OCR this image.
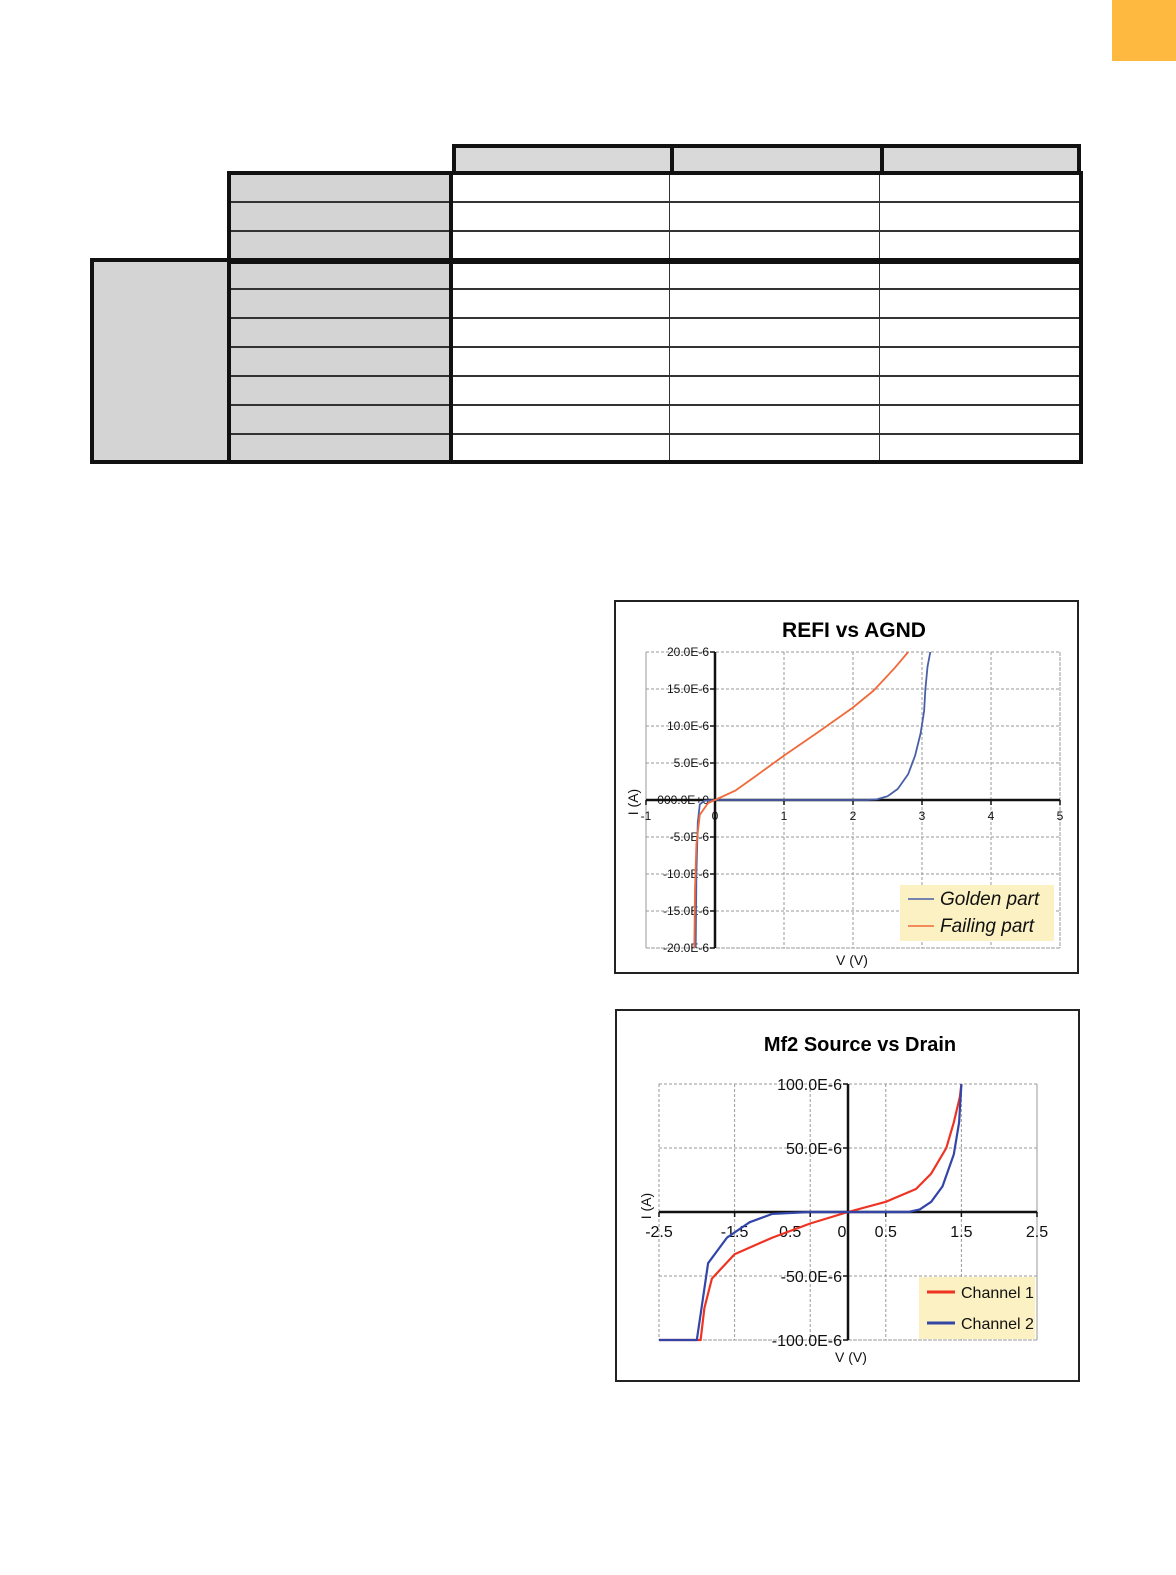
REFI vs AGND
20.0E-6
15.0E-6
10.0E-6
5.0E-6
000.0E+0
-5.0E-6
-10.0E-6
-15.0E-6
-20.0E-6
-1	0	1	2	3	4	5
V (V)
I (A)
Golden part
Failing part
Mf2 Source vs Drain
100.0E-6
50.0E-6
-50.0E-6
-100.0E-6
-2.5	-1.5 0.5 0 0.5	1.5	2.5
V (V)
I (A)
Channel 1
Channel 2
